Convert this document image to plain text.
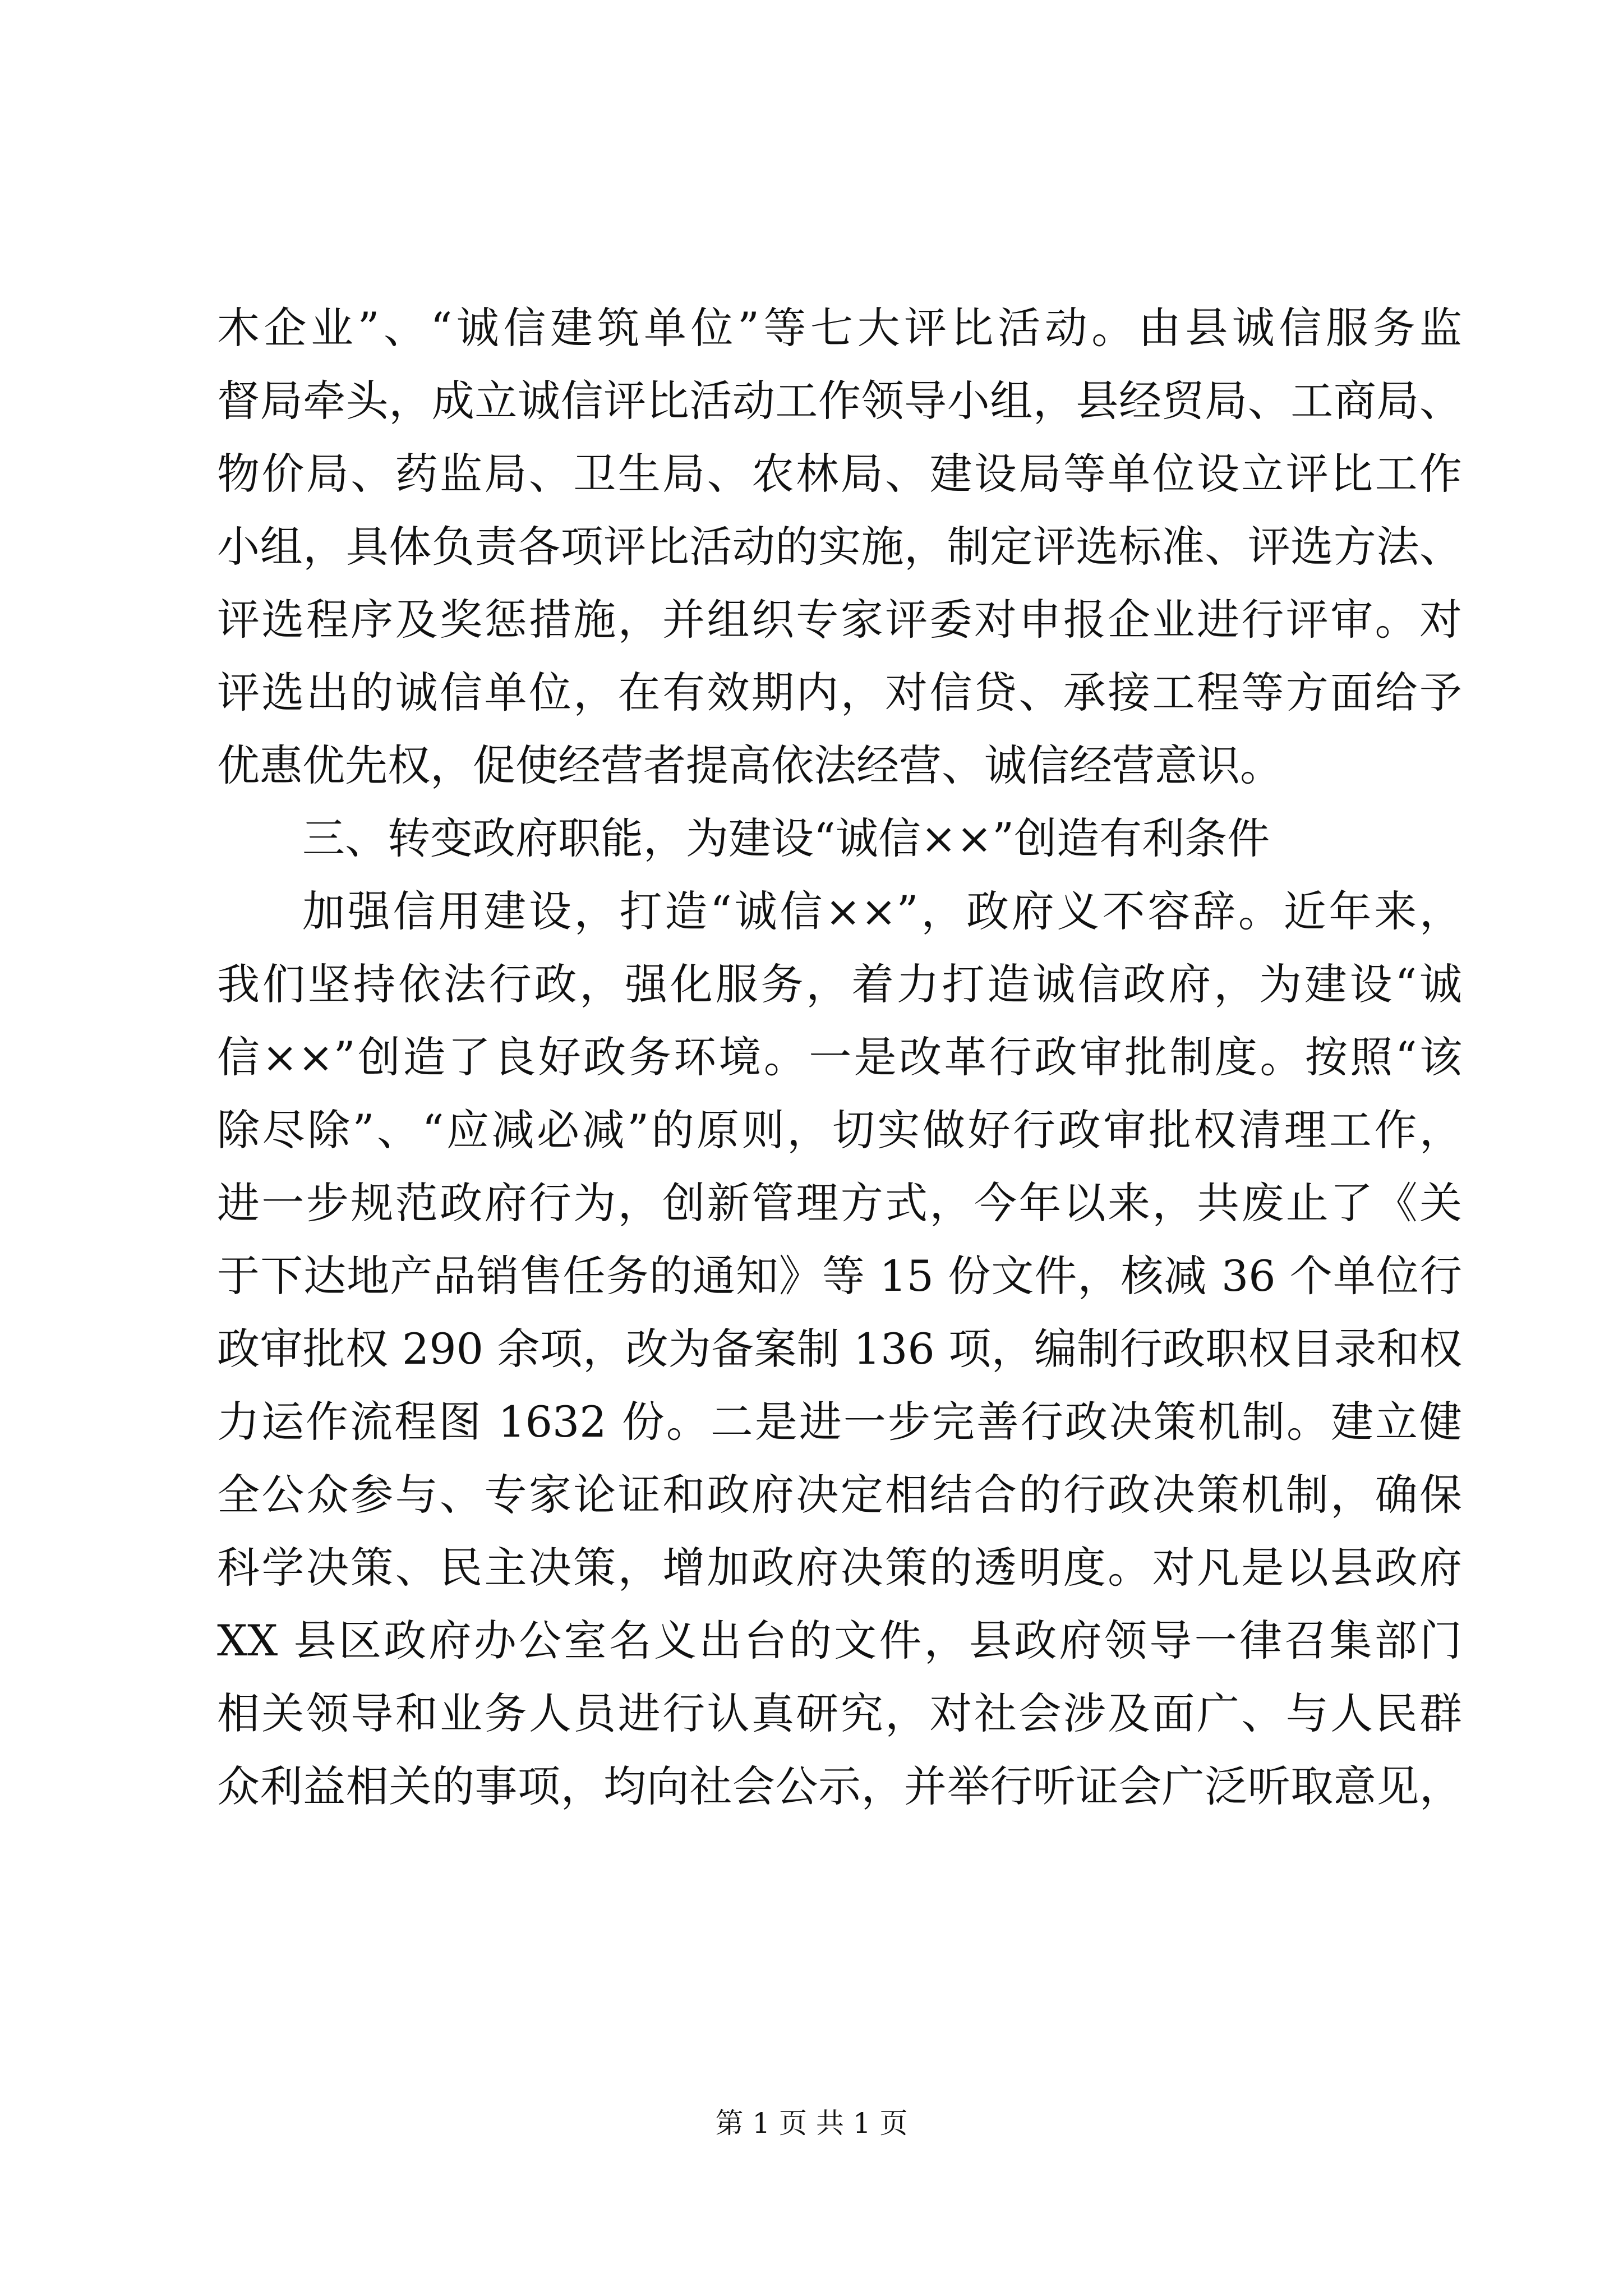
木企业”、“诚信建筑单位”等七大评比活动。由县诚信服务监
督局牵头，成立诚信评比活动工作领导小组，县经贸局、工商局、
物价局、药监局、卫生局、农林局、建设局等单位设立评比工作
小组，具体负责各项评比活动的实施，制定评选标准、评选方法、
评选程序及奖惩措施，并组织专家评委对申报企业进行评审。对
评选出的诚信单位，在有效期内，对信贷、承接工程等方面给予
优惠优先权，促使经营者提高依法经营、诚信经营意识。
三、转变政府职能，为建设“诚信××”创造有利条件
加强信用建设，打造“诚信××”，政府义不容辞。近年来，
我们坚持依法行政，强化服务，着力打造诚信政府，为建设“诚
信××”创造了良好政务环境。一是改革行政审批制度。按照“该
除尽除”、“应减必减”的原则，切实做好行政审批权清理工作，
进一步规范政府行为，创新管理方式，今年以来，共废止了《关
于下达地产品销售任务的通知》等 15 份文件，核减 36 个单位行
政审批权 290 余项，改为备案制 136 项，编制行政职权目录和权
力运作流程图 1632 份。二是进一步完善行政决策机制。建立健
全公众参与、专家论证和政府决定相结合的行政决策机制，确保
科学决策、民主决策，增加政府决策的透明度。对凡是以县政府
XX 县区政府办公室名义出台的文件，县政府领导一律召集部门
相关领导和业务人员进行认真研究，对社会涉及面广、与人民群
众利益相关的事项，均向社会公示，并举行听证会广泛听取意见，
第 1 页 共 1 页
